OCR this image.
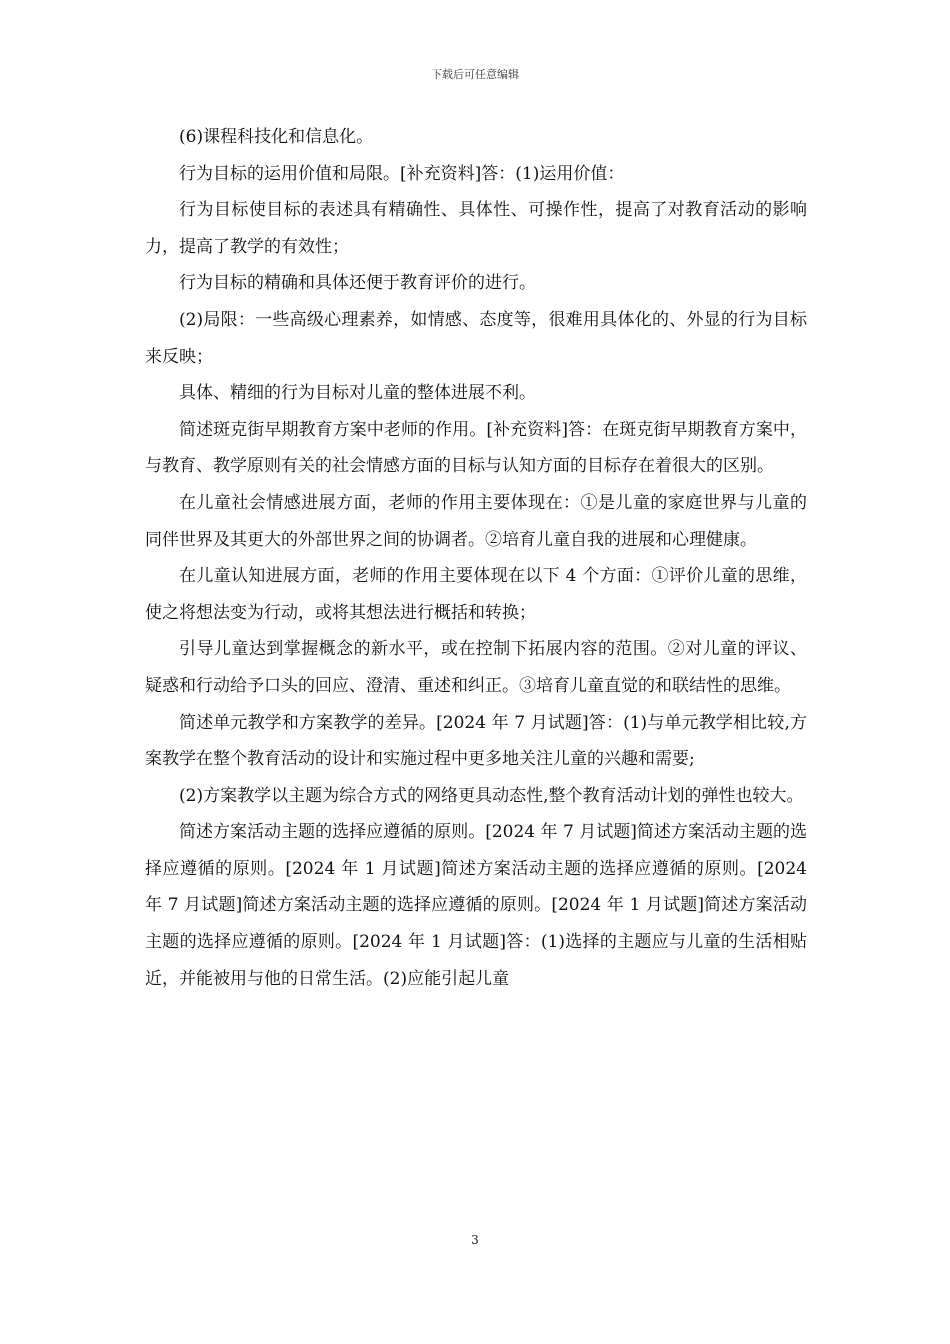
下载后可任意编辑

(6)课程科技化和信息化。

行为目标的运用价值和局限。[补充资料]答：(1)运用价值：

行为目标使目标的表述具有精确性、具体性、可操作性，提高了对教育活动的影响力，提高了教学的有效性；

行为目标的精确和具体还便于教育评价的进行。

(2)局限：一些高级心理素养，如情感、态度等，很难用具体化的、外显的行为目标来反映；

具体、精细的行为目标对儿童的整体进展不利。

简述斑克街早期教育方案中老师的作用。[补充资料]答：在斑克街早期教育方案中，与教育、教学原则有关的社会情感方面的目标与认知方面的目标存在着很大的区别。

在儿童社会情感进展方面，老师的作用主要体现在：①是儿童的家庭世界与儿童的同伴世界及其更大的外部世界之间的协调者。②培育儿童自我的进展和心理健康。

在儿童认知进展方面，老师的作用主要体现在以下 4 个方面：①评价儿童的思维，使之将想法变为行动，或将其想法进行概括和转换；

引导儿童达到掌握概念的新水平，或在控制下拓展内容的范围。②对儿童的评议、疑惑和行动给予口头的回应、澄清、重述和纠正。③培育儿童直觉的和联结性的思维。

简述单元教学和方案教学的差异。[2024 年 7 月试题]答：(1)与单元教学相比较,方案教学在整个教育活动的设计和实施过程中更多地关注儿童的兴趣和需要;

(2)方案教学以主题为综合方式的网络更具动态性,整个教育活动计划的弹性也较大。

简述方案活动主题的选择应遵循的原则。[2024 年 7 月试题]简述方案活动主题的选择应遵循的原则。[2024 年 1 月试题]简述方案活动主题的选择应遵循的原则。[2024 年 7 月试题]简述方案活动主题的选择应遵循的原则。[2024 年 1 月试题]简述方案活动主题的选择应遵循的原则。[2024 年 1 月试题]答：(1)选择的主题应与儿童的生活相贴近，并能被用与他的日常生活。(2)应能引起儿童

3
